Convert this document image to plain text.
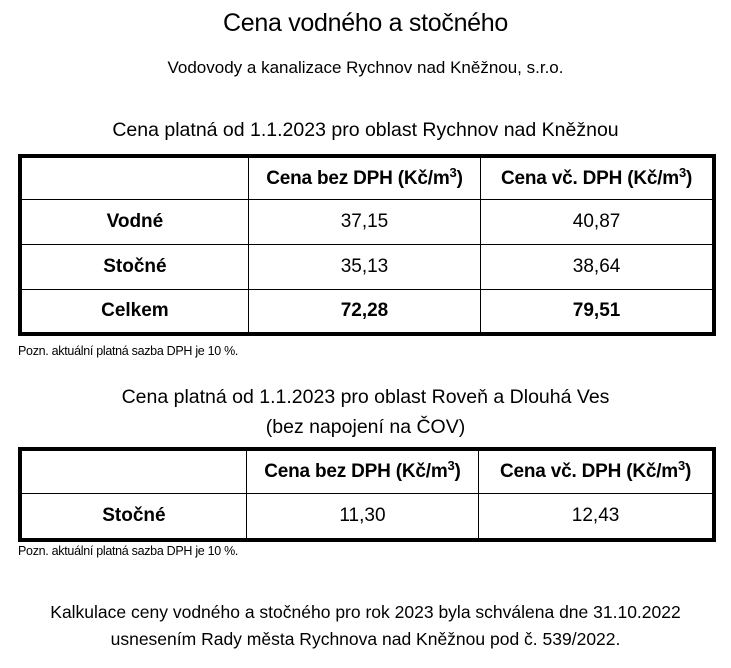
Cena vodného a stočného
Vodovody a kanalizace Rychnov nad Kněžnou, s.r.o.
Cena platná od 1.1.2023 pro oblast Rychnov nad Kněžnou
	Cena bez DPH $(Kč/m^3)$	Cena vč. DPH $(Kč/m^3)$
Vodné	37,15	40,87
Stočné	35,13	38,64
Celkem	72,28	79,51
Pozn. aktuální platná sazba DPH je 10 %.
Cena platná od 1.1.2023 pro oblast Roveň a Dlouhá Ves
(bez napojení na ČOV)
	Cena bez DPH $(Kč/m^3)$	Cena vč. DPH $(Kč/m^3)$
Stočné	11,30	12,43
Pozn. aktuální platná sazba DPH je 10 %.
Kalkulace ceny vodného a stočného pro rok 2023 byla schválena dne 31.10.2022
usnesením Rady města Rychnova nad Kněžnou pod č. 539/2022.
